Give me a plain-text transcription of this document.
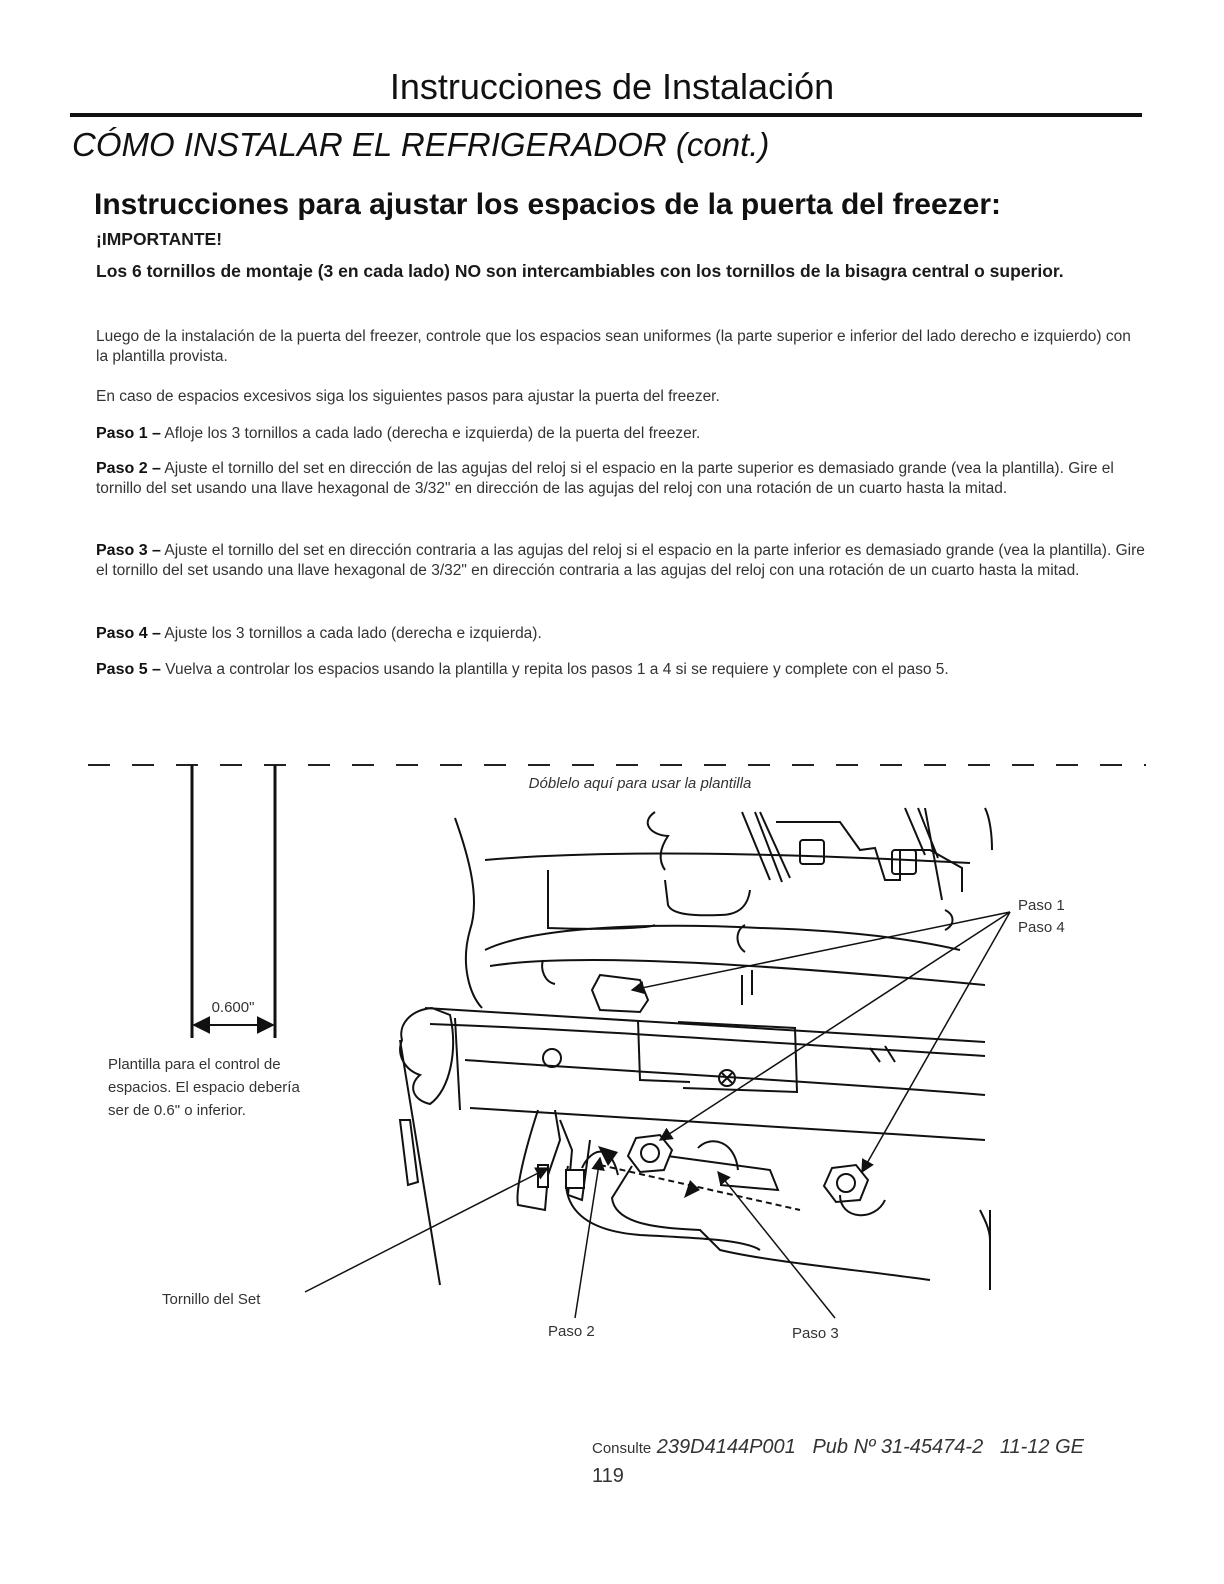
Instrucciones de Instalación
CÓMO INSTALAR EL REFRIGERADOR (cont.)
Instrucciones para ajustar los espacios de la puerta del freezer:
¡IMPORTANTE!
Los 6 tornillos de montaje (3 en cada lado) NO son intercambiables con los tornillos de la bisagra central o superior.
Luego de la instalación de la puerta del freezer, controle que los espacios sean uniformes (la parte superior e inferior del lado derecho e izquierdo) con la plantilla provista.
En caso de espacios excesivos siga los siguientes pasos para ajustar la puerta del freezer.
Paso 1 – Afloje los 3 tornillos a cada lado (derecha e izquierda) de la puerta del freezer.
Paso 2 – Ajuste el tornillo del set en dirección de las agujas del reloj si el espacio en la parte superior es demasiado grande (vea la plantilla). Gire el tornillo del set usando una llave hexagonal de 3/32" en dirección de las agujas del reloj con una rotación de un cuarto hasta la mitad.
Paso 3 – Ajuste el tornillo del set en dirección contraria a las agujas del reloj si el espacio en la parte inferior es demasiado grande (vea la plantilla). Gire el tornillo del set usando una llave hexagonal de 3/32" en dirección contraria a las agujas del reloj con una rotación de un cuarto hasta la mitad.
Paso 4 – Ajuste los 3 tornillos a cada lado (derecha e izquierda).
Paso 5 – Vuelva a controlar los espacios usando la plantilla y repita los pasos 1 a 4 si se requiere y complete con el paso 5.
Dóblelo aquí para usar la plantilla
0.600"
Plantilla para el control de espacios. El espacio debería ser de 0.6" o inferior.
Paso 1 Paso 4
Tornillo del Set
Paso 2	Paso 3
Consulte 239D4144P001 Pub Nº 31-45474-2 11-12 GE
119
